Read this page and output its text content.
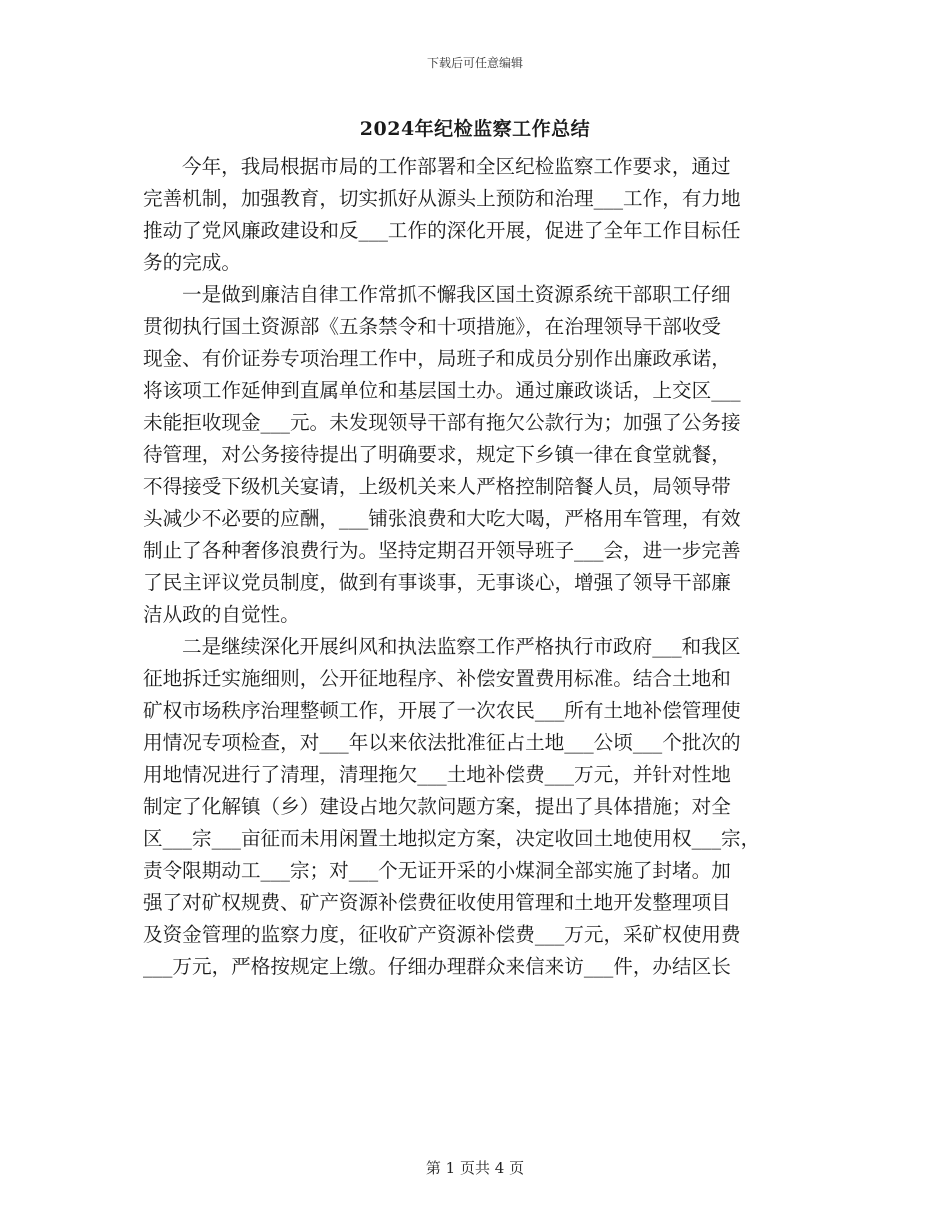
下载后可任意编辑
2024年纪检监察工作总结
今年，我局根据市局的工作部署和全区纪检监察工作要求，通过
完善机制，加强教育，切实抓好从源头上预防和治理___工作，有力地
推动了党风廉政建设和反___工作的深化开展，促进了全年工作目标任
务的完成。
一是做到廉洁自律工作常抓不懈我区国土资源系统干部职工仔细
贯彻执行国土资源部《五条禁令和十项措施》，在治理领导干部收受
现金、有价证券专项治理工作中，局班子和成员分别作出廉政承诺，
将该项工作延伸到直属单位和基层国土办。通过廉政谈话，上交区___
未能拒收现金___元。未发现领导干部有拖欠公款行为；加强了公务接
待管理，对公务接待提出了明确要求，规定下乡镇一律在食堂就餐，
不得接受下级机关宴请，上级机关来人严格控制陪餐人员，局领导带
头减少不必要的应酬，___铺张浪费和大吃大喝，严格用车管理，有效
制止了各种奢侈浪费行为。坚持定期召开领导班子___会，进一步完善
了民主评议党员制度，做到有事谈事，无事谈心，增强了领导干部廉
洁从政的自觉性。
二是继续深化开展纠风和执法监察工作严格执行市政府___和我区
征地拆迁实施细则，公开征地程序、补偿安置费用标准。结合土地和
矿权市场秩序治理整顿工作，开展了一次农民___所有土地补偿管理使
用情况专项检查，对___年以来依法批准征占土地___公顷___个批次的
用地情况进行了清理，清理拖欠___土地补偿费___万元，并针对性地
制定了化解镇（乡）建设占地欠款问题方案，提出了具体措施；对全
区___宗___亩征而未用闲置土地拟定方案，决定收回土地使用权___宗，
责令限期动工___宗；对___个无证开采的小煤洞全部实施了封堵。加
强了对矿权规费、矿产资源补偿费征收使用管理和土地开发整理项目
及资金管理的监察力度，征收矿产资源补偿费___万元，采矿权使用费
___万元，严格按规定上缴。仔细办理群众来信来访___件，办结区长
第 1 页共 4 页
